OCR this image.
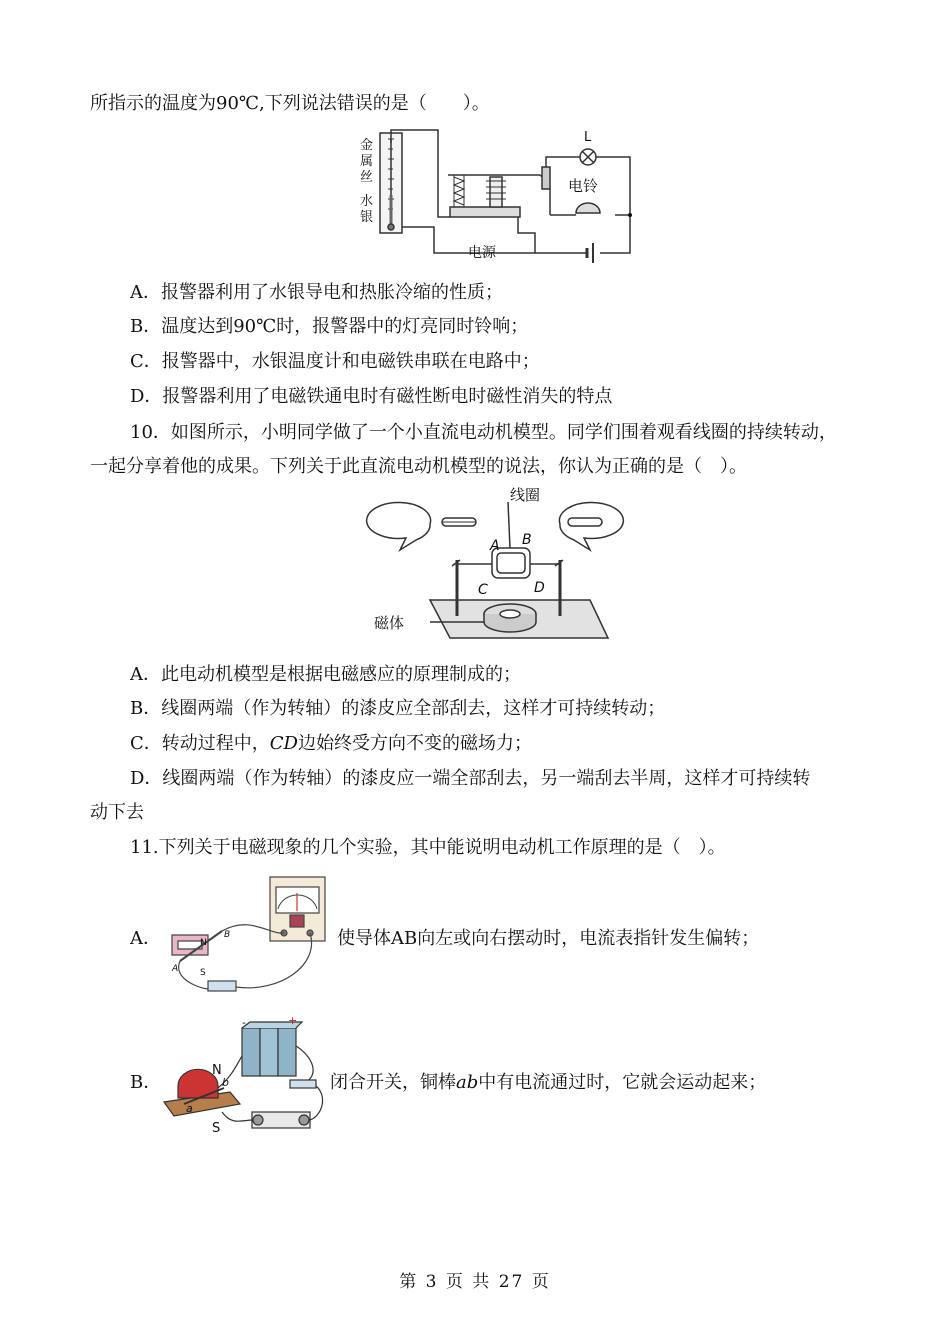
所指示的温度为90℃,下列说法错误的是（　　）。
金
属
丝
水
银
电源
L
电铃
A．报警器利用了水银导电和热胀冷缩的性质；
B．温度达到90℃时，报警器中的灯亮同时铃响；
C．报警器中，水银温度计和电磁铁串联在电路中；
D．报警器利用了电磁铁通电时有磁性断电时磁性消失的特点
10．如图所示，小明同学做了一个小直流电动机模型。同学们围着观看线圈的持续转动，
一起分享着他的成果。下列关于此直流电动机模型的说法，你认为正确的是（　）。
线圈
A B
C	D
磁体
A．此电动机模型是根据电磁感应的原理制成的；
B．线圈两端（作为转轴）的漆皮应全部刮去，这样才可持续转动；
C．转动过程中，CD边始终受方向不变的磁场力；
D．线圈两端（作为转轴）的漆皮应一端全部刮去，另一端刮去半周，这样才可持续转
动下去
11.下列关于电磁现象的几个实验，其中能说明电动机工作原理的是（　）。
A．	N
S
A
B	使导体AB向左或向右摆动时，电流表指针发生偏转；
B．
N
S
a
b
-	+
闭合开关，铜棒ab中有电流通过时，它就会运动起来；
第 3 页 共 27 页
